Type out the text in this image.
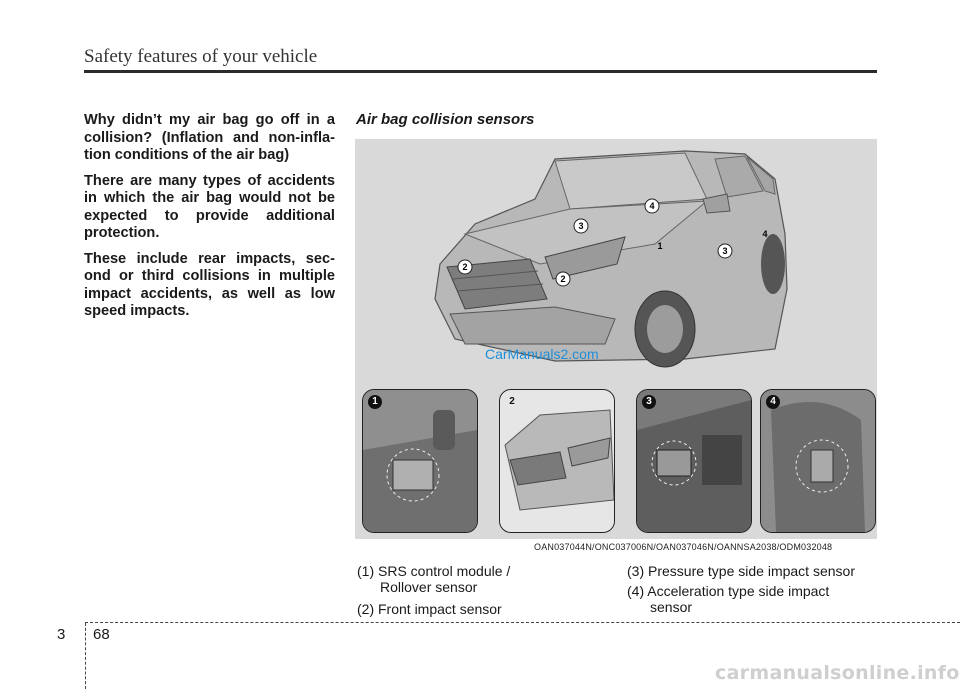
Safety features of your vehicle

Why didn’t my air bag go off in a collision? (Inflation and non-infla- tion conditions of the air bag)

There are many types of accidents in which the air bag would not be expected to provide additional protection.

These include rear impacts, sec- ond or third collisions in multiple impact accidents, as well as low speed impacts.

Air bag collision sensors
3
4
2
2
1	3
4
CarManuals2.com
1	2	3	4
OAN037044N/ONC037006N/OAN037046N/OANNSA2038/ODM032048
(1) SRS control module /
Rollover sensor
(2) Front impact sensor
(3) Pressure type side impact sensor
(4) Acceleration type side impact
sensor
3 68
carmanualsonline.info
